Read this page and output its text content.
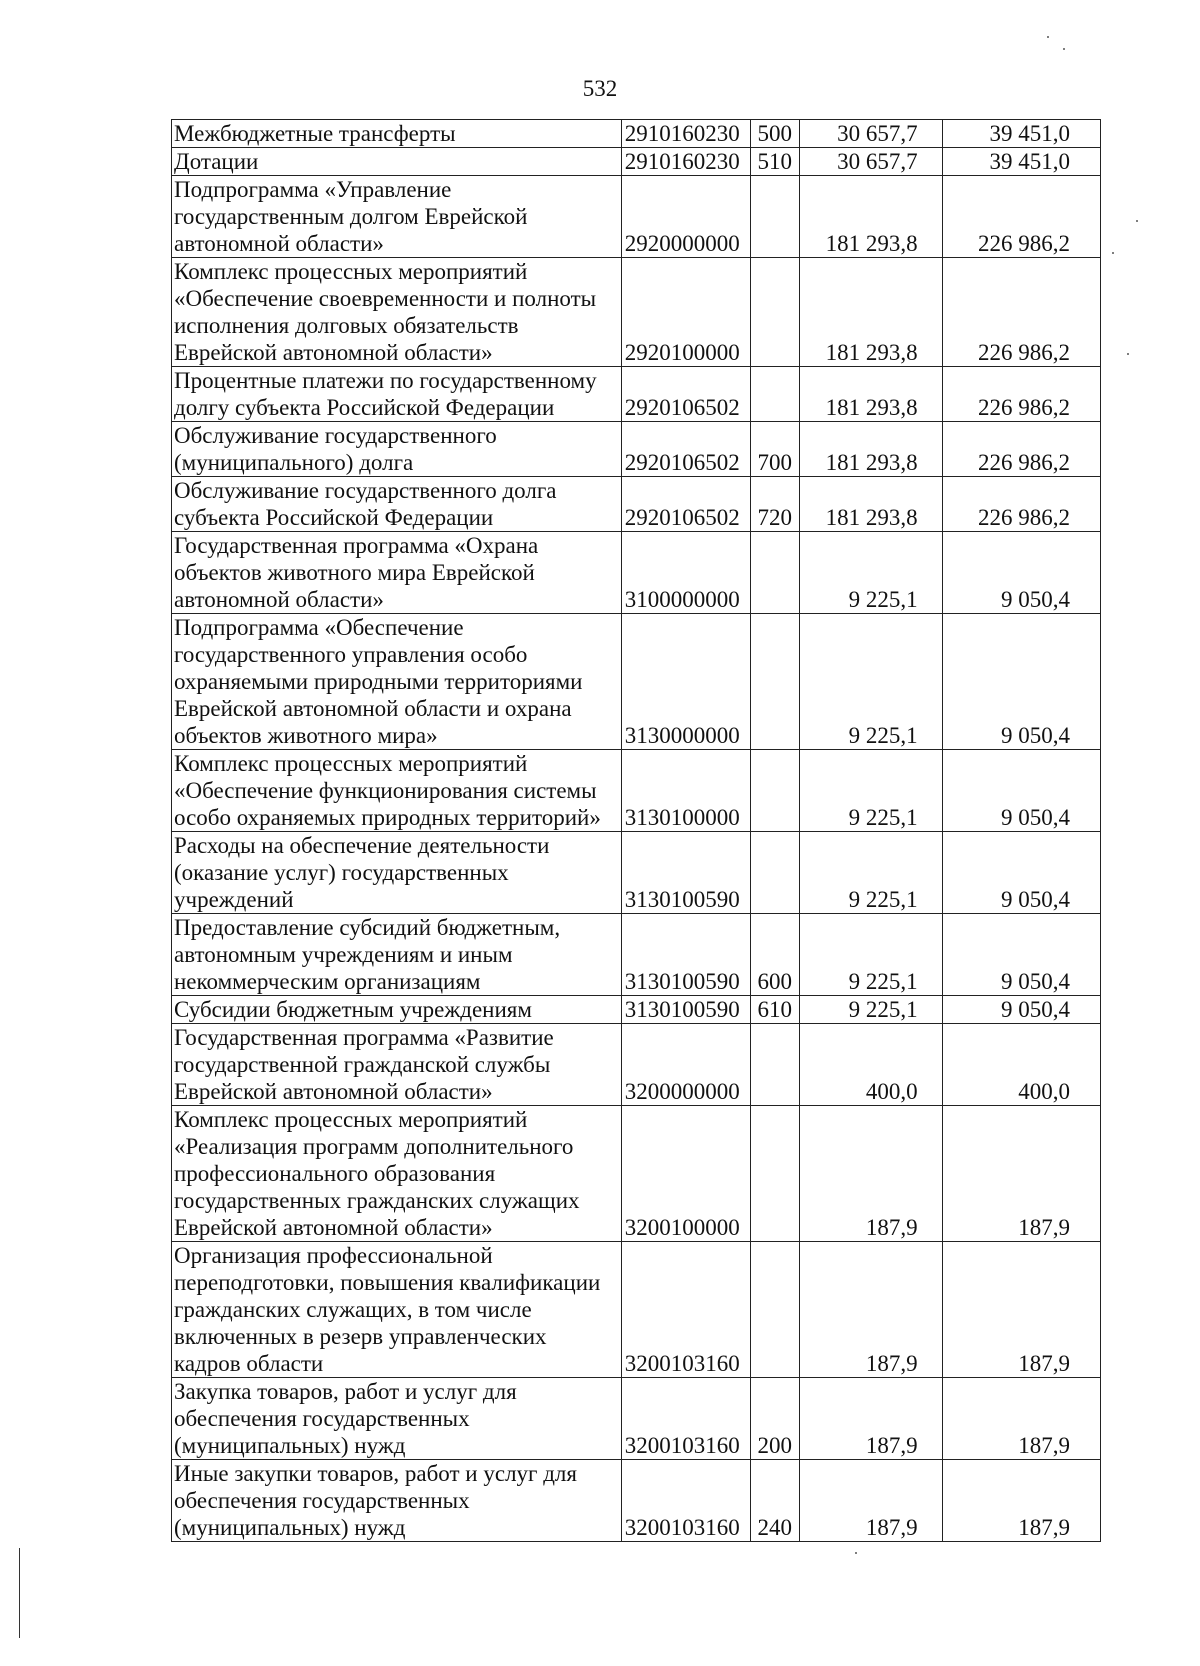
532
Межбюджетные трансферты	2910160230	500	30 657,7	39 451,0

Дотации	2910160230	510	30 657,7	39 451,0

Подпрограмма «Управление
государственным долгом Еврейской
автономной области»	2920000000		181 293,8	226 986,2

Комплекс процессных мероприятий
«Обеспечение своевременности и полноты
исполнения долговых обязательств
Еврейской автономной области»	2920100000		181 293,8	226 986,2

Процентные платежи по государственному
долгу субъекта Российской Федерации	2920106502		181 293,8	226 986,2

Обслуживание государственного
(муниципального) долга	2920106502	700	181 293,8	226 986,2

Обслуживание государственного долга
субъекта Российской Федерации	2920106502	720	181 293,8	226 986,2

Государственная программа «Охрана
объектов животного мира Еврейской
автономной области»	3100000000		9 225,1	9 050,4

Подпрограмма «Обеспечение
государственного управления особо
охраняемыми природными территориями
Еврейской автономной области и охрана
объектов животного мира»	3130000000		9 225,1	9 050,4

Комплекс процессных мероприятий
«Обеспечение функционирования системы
особо охраняемых природных территорий»	3130100000		9 225,1	9 050,4

Расходы на обеспечение деятельности
(оказание услуг) государственных
учреждений	3130100590		9 225,1	9 050,4

Предоставление субсидий бюджетным,
автономным учреждениям и иным
некоммерческим организациям	3130100590	600	9 225,1	9 050,4

Субсидии бюджетным учреждениям	3130100590	610	9 225,1	9 050,4

Государственная программа «Развитие
государственной гражданской службы
Еврейской автономной области»	3200000000		400,0	400,0

Комплекс процессных мероприятий
«Реализация программ дополнительного
профессионального образования
государственных гражданских служащих
Еврейской автономной области»	3200100000		187,9	187,9

Организация профессиональной
переподготовки, повышения квалификации
гражданских служащих, в том числе
включенных в резерв управленческих
кадров области	3200103160		187,9	187,9

Закупка товаров, работ и услуг для
обеспечения государственных
(муниципальных) нужд	3200103160	200	187,9	187,9

Иные закупки товаров, работ и услуг для
обеспечения государственных
(муниципальных) нужд	3200103160	240	187,9	187,9
